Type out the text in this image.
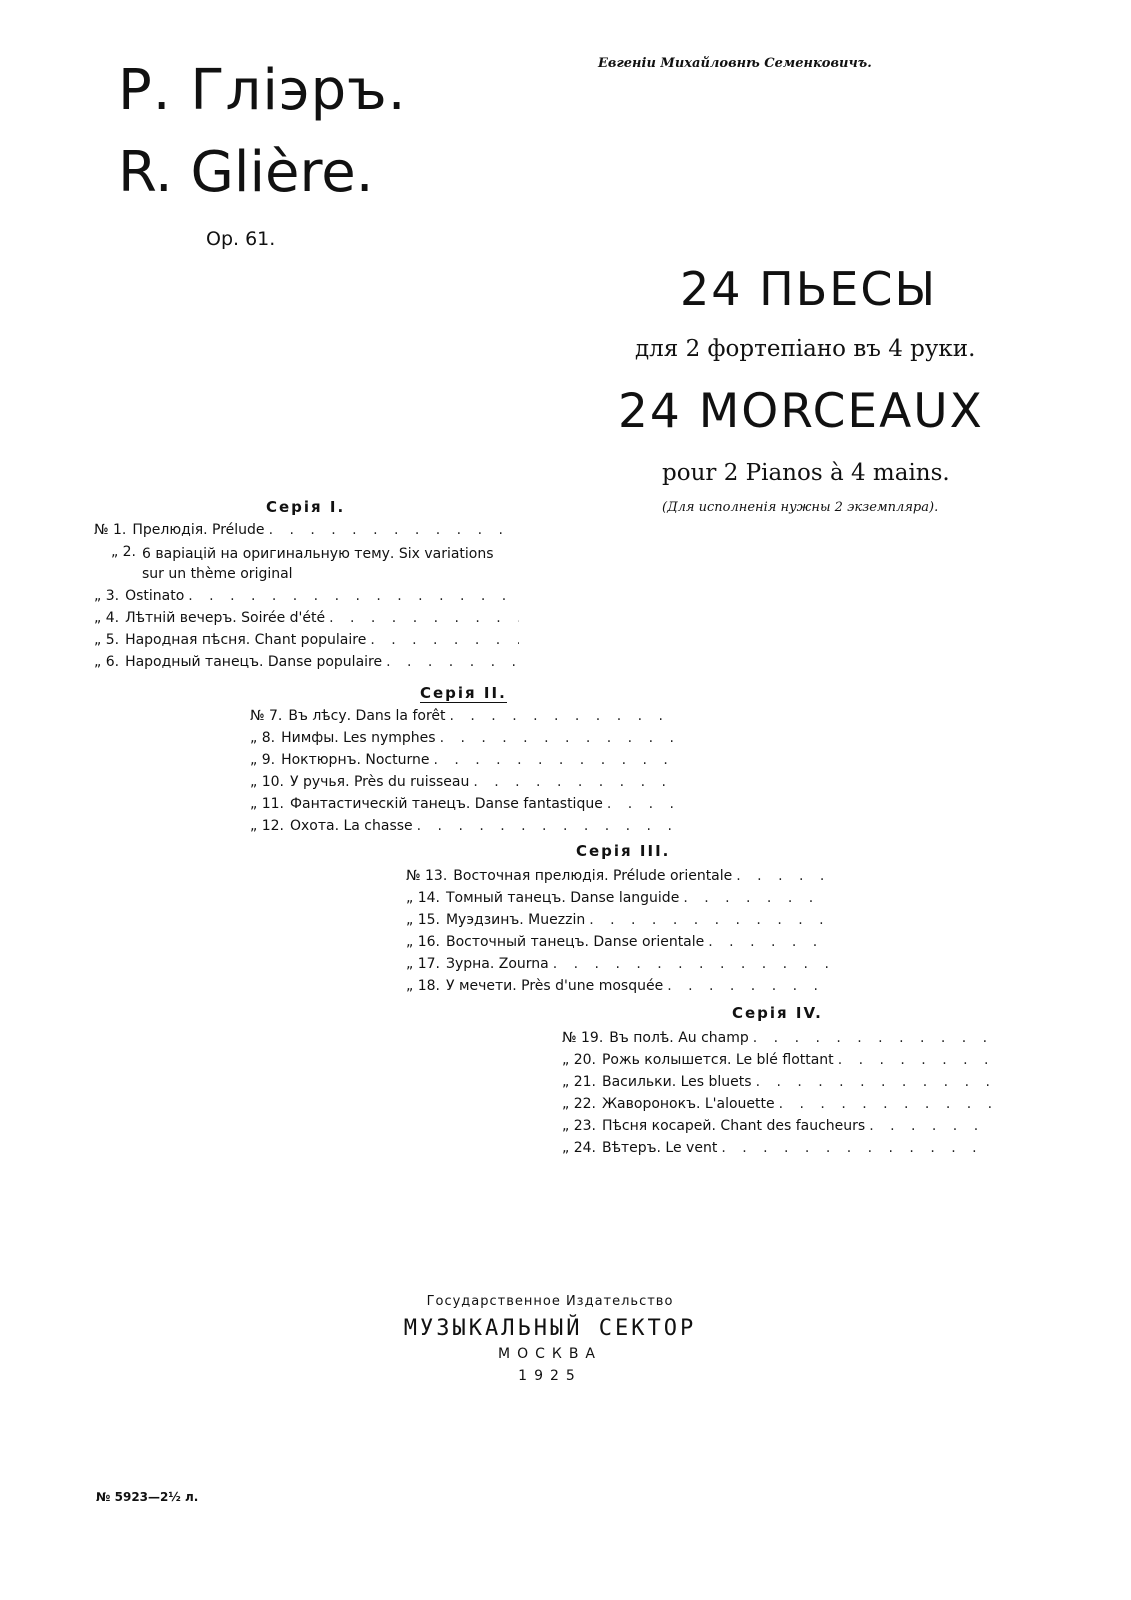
Р. Глiэръ.
R. Glière.
Op. 61.
Евгенiи Михайловнѣ Семенковичъ.
24 ПЬЕСЫ
для 2 фортепiано въ 4 руки.
24 MORCEAUX
pour 2 Pianos à 4 mains.
(Для исполненiя нужны 2 экземпляра).
Серiя I.
№ 1. Прелюдiя. Prélude
. . .
„ 2. 6 варiацiй на оригинальную тему. Six variations sur un thème original
„ 3. Ostinato
. . .
„ 4. Лѣтнiй вечеръ. Soirée d'été
. . .
„ 5. Народная пѣсня. Chant populaire
. . .
„ 6. Народный танецъ. Danse populaire
. . .
Серiя II.
№ 7. Въ лѣсу. Dans la forêt
. . .
„ 8. Нимфы. Les nymphes
. . .
„ 9. Ноктюрнъ. Nocturne
. . .
„ 10. У ручья. Près du ruisseau
. . .
„ 11. Фантастическiй танецъ. Danse fantastique
. . .
„ 12. Охота. La chasse
. . .
Серiя III.
№ 13. Восточная прелюдiя. Prélude orientale
. . .
„ 14. Томный танецъ. Danse languide
. . .
„ 15. Муэдзинъ. Muezzin
. . .
„ 16. Восточный танецъ. Danse orientale
. . .
„ 17. Зурна. Zourna
. . .
„ 18. У мечети. Près d'une mosquée
. . .
Серiя IV.
№ 19. Въ полѣ. Au champ
. . .
„ 20. Рожь колышется. Le blé flottant
. . .
„ 21. Васильки. Les bluets
. . .
„ 22. Жаворонокъ. L'alouette
. . .
„ 23. Пѣсня косарей. Chant des faucheurs
. . .
„ 24. Вѣтеръ. Le vent
. . .
Государственное Издательство
МУЗЫКАЛЬНЫЙ СЕКТОР
МОСКВА
1925
№ 5923—2½ л.
